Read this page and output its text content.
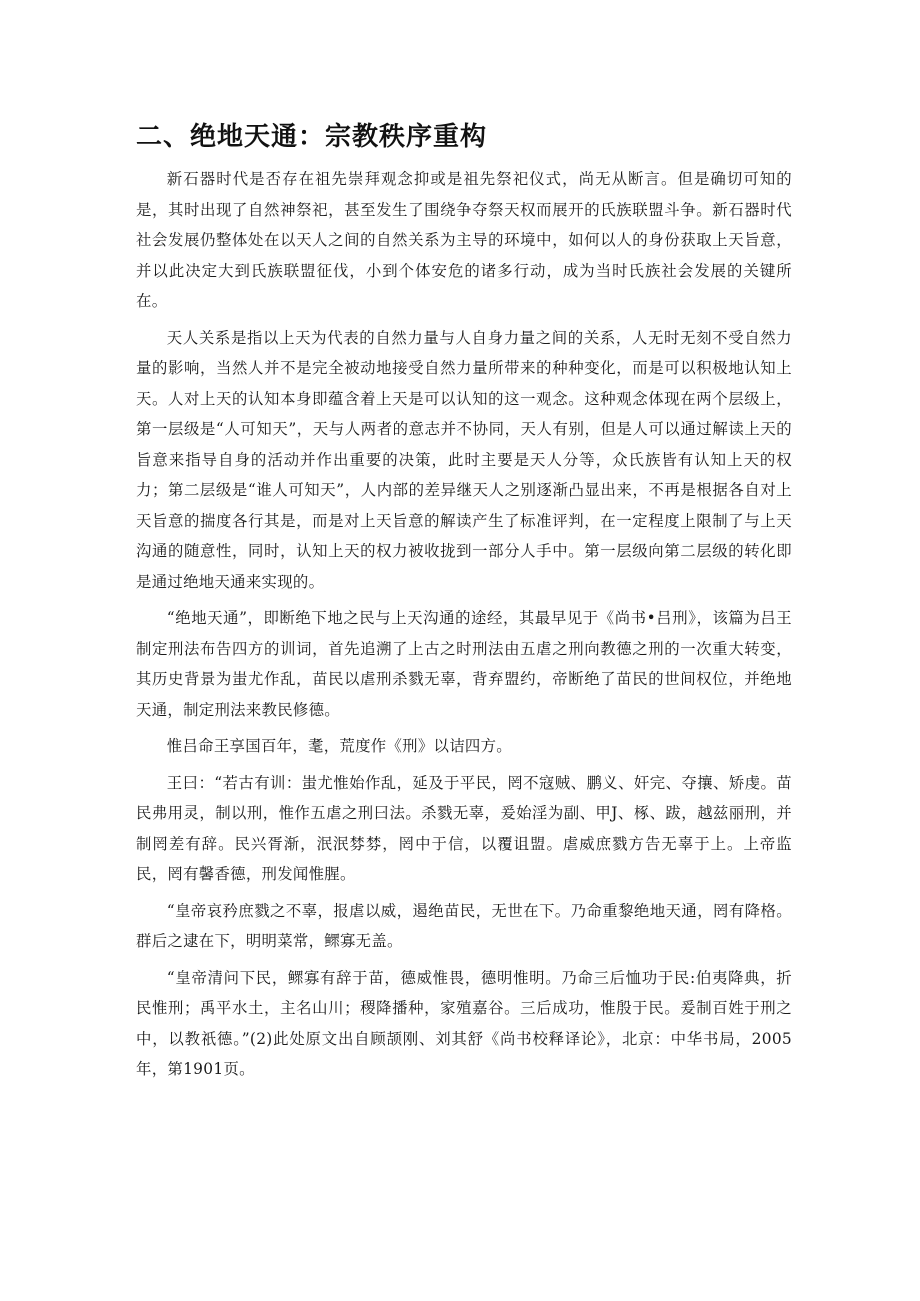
二、绝地天通：宗教秩序重构

新石器时代是否存在祖先崇拜观念抑或是祖先祭祀仪式，尚无从断言。但是确切可知的是，其时出现了自然神祭祀，甚至发生了围绕争夺祭天权而展开的氏族联盟斗争。新石器时代社会发展仍整体处在以天人之间的自然关系为主导的环境中，如何以人的身份获取上天旨意，并以此决定大到氏族联盟征伐，小到个体安危的诸多行动，成为当时氏族社会发展的关键所在。

天人关系是指以上天为代表的自然力量与人自身力量之间的关系，人无时无刻不受自然力量的影响，当然人并不是完全被动地接受自然力量所带来的种种变化，而是可以积极地认知上天。人对上天的认知本身即蕴含着上天是可以认知的这一观念。这种观念体现在两个层级上，第一层级是“人可知天”，天与人两者的意志并不协同，天人有别，但是人可以通过解读上天的旨意来指导自身的活动并作出重要的决策，此时主要是天人分等，众氏族皆有认知上天的权力；第二层级是“谁人可知天”，人内部的差异继天人之别逐渐凸显出来，不再是根据各自对上天旨意的揣度各行其是，而是对上天旨意的解读产生了标准评判，在一定程度上限制了与上天沟通的随意性，同时，认知上天的权力被收拢到一部分人手中。第一层级向第二层级的转化即是通过绝地天通来实现的。

“绝地天通”，即断绝下地之民与上天沟通的途经，其最早见于《尚书•吕刑》，该篇为吕王制定刑法布告四方的训词，首先追溯了上古之时刑法由五虐之刑向教德之刑的一次重大转变，其历史背景为蚩尤作乱，苗民以虐刑杀戮无辜，背弃盟约，帝断绝了苗民的世间权位，并绝地天通，制定刑法来教民修德。

惟吕命王享国百年，耄，荒度作《刑》以诘四方。

王曰：“若古有训：蚩尤惟始作乱，延及于平民，罔不寇贼、鹏义、奸完、夺攘、矫虔。苗民弗用灵，制以刑，惟作五虐之刑曰法。杀戮无辜，爰始淫为副、甲J、椓、跋，越兹丽刑，并制罔差有辞。民兴胥渐，泯泯棼棼，罔中于信，以覆诅盟。虐威庶戮方告无辜于上。上帝监民，罔有馨香德，刑发闻惟腥。

“皇帝哀矜庶戮之不辜，报虐以威，遏绝苗民，无世在下。乃命重黎绝地天通，罔有降格。群后之逮在下，明明菜常，鳏寡无盖。

“皇帝清问下民，鳏寡有辞于苗，德威惟畏，德明惟明。乃命三后恤功于民:伯夷降典，折民惟刑；禹平水土，主名山川；稷降播种，家殖嘉谷。三后成功，惟殷于民。爰制百姓于刑之中，以教祇德。”(2)此处原文出自顾颉刚、刘其舒《尚书校释译论》，北京：中华书局，2005年，第1901页。
